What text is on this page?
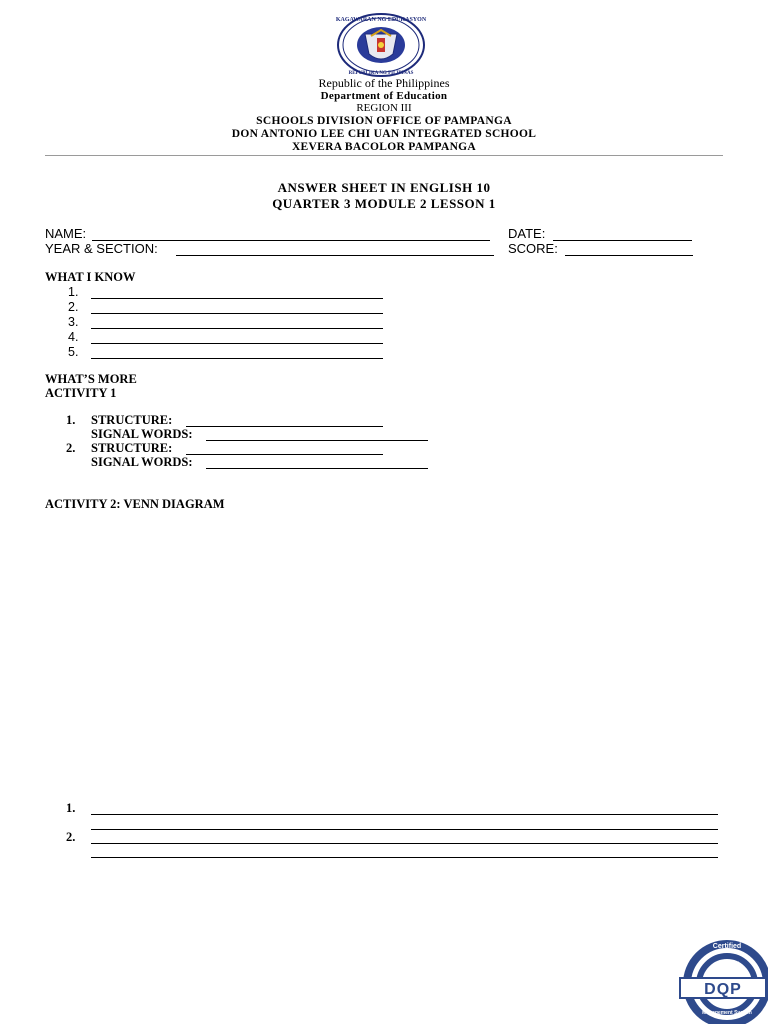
KAGAWARAN NG EDUKASYON
REPUBLIKA NG PILIPINAS
Republic of the Philippines
Department of Education
REGION III
SCHOOLS DIVISION OFFICE OF PAMPANGA
DON ANTONIO LEE CHI UAN INTEGRATED SCHOOL
XEVERA BACOLOR PAMPANGA
ANSWER SHEET IN ENGLISH 10
QUARTER 3 MODULE 2 LESSON 1
NAME:	DATE:
YEAR & SECTION:	SCORE:
WHAT I KNOW
1.
2.
3.
4.
5.
WHAT’S MORE
ACTIVITY 1
1. STRUCTURE:
SIGNAL WORDS:
2. STRUCTURE:
SIGNAL WORDS:
ACTIVITY 2: VENN DIAGRAM
1.
2.
DQP
Certified
Certified
Management System
